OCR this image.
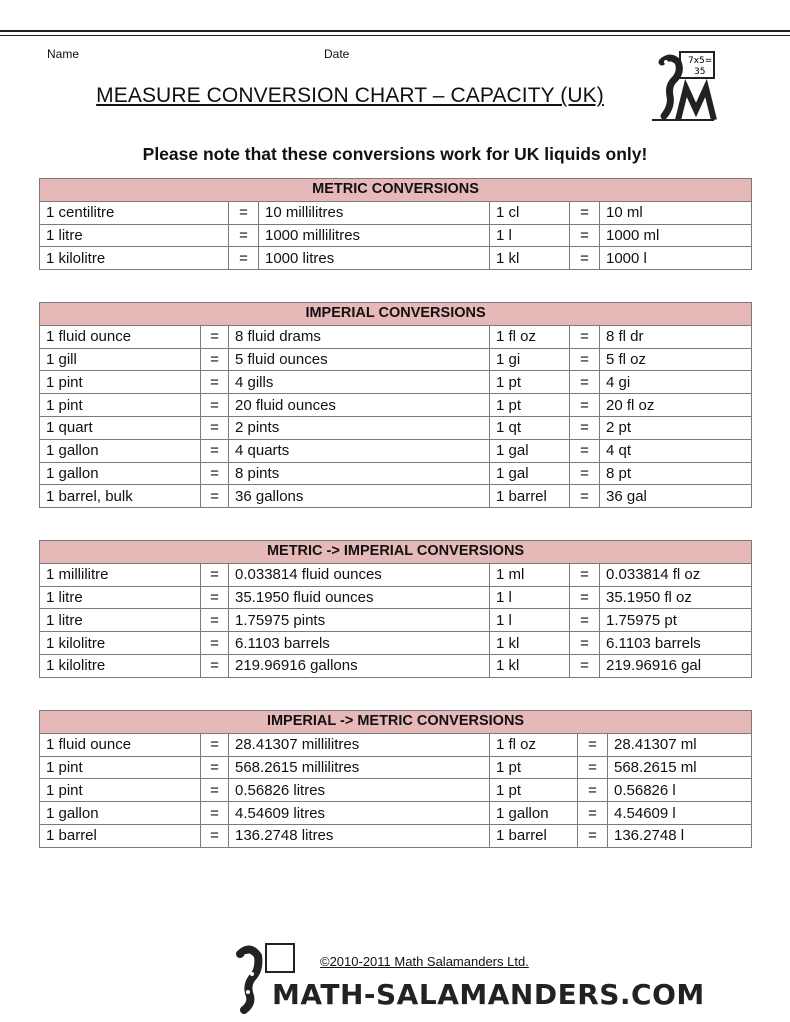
Name	Date
MEASURE CONVERSION CHART – CAPACITY (UK)
7x5=
35
Please note that these conversions work for UK liquids only!
METRIC CONVERSIONS					
1 centilitre	=	10 millilitres	1 cl	=	10 ml
1 litre	=	1000 millilitres	1 l	=	1000 ml
1 kilolitre	=	1000 litres	1 kl	=	1000 l
IMPERIAL CONVERSIONS					
1 fluid ounce	=	8 fluid drams	1 fl oz	=	8 fl dr
1 gill	=	5 fluid ounces	1 gi	=	5 fl oz
1 pint	=	4 gills	1 pt	=	4 gi
1 pint	=	20 fluid ounces	1 pt	=	20 fl oz
1 quart	=	2 pints	1 qt	=	2 pt
1 gallon	=	4 quarts	1 gal	=	4 qt
1 gallon	=	8 pints	1 gal	=	8 pt
1 barrel, bulk	=	36 gallons	1 barrel	=	36 gal
METRIC -> IMPERIAL CONVERSIONS					
1 millilitre	=	0.033814 fluid ounces	1 ml	=	0.033814 fl oz
1 litre	=	35.1950 fluid ounces	1 l	=	35.1950 fl oz
1 litre	=	1.75975 pints	1 l	=	1.75975 pt
1 kilolitre	=	6.1103 barrels	1 kl	=	6.1103 barrels
1 kilolitre	=	219.96916 gallons	1 kl	=	219.96916 gal
IMPERIAL -> METRIC CONVERSIONS					
1 fluid ounce	=	28.41307 millilitres	1 fl oz	=	28.41307 ml
1 pint	=	568.2615 millilitres	1 pt	=	568.2615 ml
1 pint	=	0.56826 litres	1 pt	=	0.56826 l
1 gallon	=	4.54609 litres	1 gallon	=	4.54609 l
1 barrel	=	136.2748 litres	1 barrel	=	136.2748 l
©2010-2011 Math Salamanders Ltd.
MATH-SALAMANDERS.COM
